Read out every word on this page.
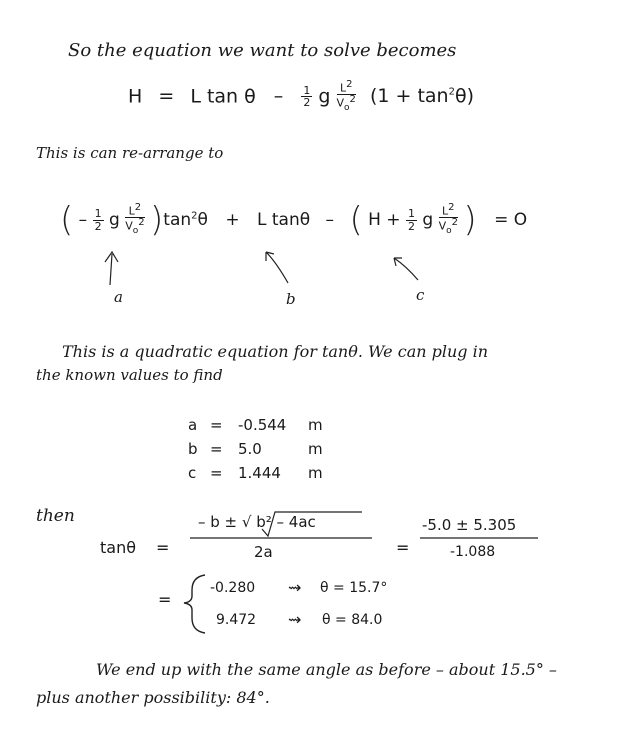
So the equation we want to solve becomes
H = L tan θ – $\frac{1}{2}$ g $\frac{L2}{V_o2} (1 + \tan^2\theta)$
This is can re-arrange to
( – $\frac{1}{2}$ g $\frac{L2}{V_o2} )\tan^2\theta + L$ tanθ – ( $H + \frac{1}{2}$ g $\frac{L2}{V_o2}$ ) = O
a	b	c
This is a quadratic equation for tanθ. We can plug in
the known values to find
a =	-0.544	m
b =	5.0	m
c =	1.444	m
then
tanθ =
– b ± √ b² – 4ac
2a	=
-5.0 ± 5.305
-1.088
=
-0.280 ⇝ θ = 15.7°
9.472 ⇝ θ = 84.0
We end up with the same angle as before – about 15.5° –
plus another possibility: 84°.
